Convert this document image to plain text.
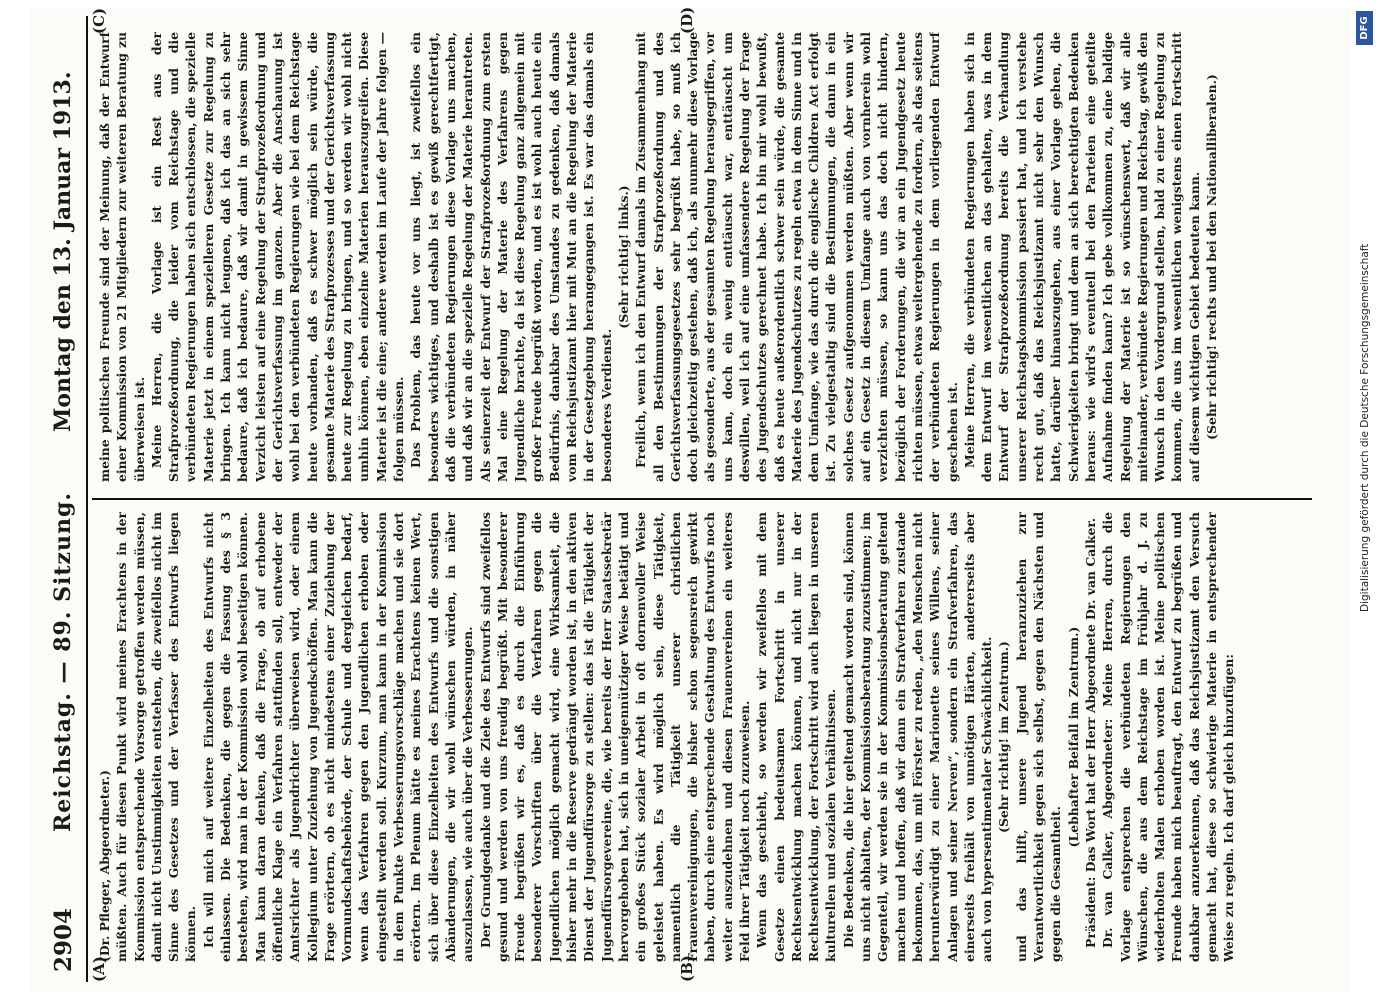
2904
Reichstag. — 89. Sitzung.
Montag den 13. Januar 1913.
(A)	(B)
(C)	(D)

(Dr. Pfleger, Abgeordneter.) müßten. Auch für diesen Punkt wird meines Erachtens in der Kommission entsprechende Vorsorge getroffen werden müssen, damit nicht Unstimmigkeiten entstehen, die zweifellos nicht im Sinne des Gesetzes und der Verfasser des Entwurfs liegen können. Ich will mich auf weitere Einzelheiten des Entwurfs nicht einlassen. Die Bedenken, die gegen die Fassung des § 3 bestehen, wird man in der Kommission wohl beseitigen können. Man kann daran denken, daß die Frage, ob auf erhobene öffentliche Klage ein Verfahren stattfinden soll, entweder der Amtsrichter als Jugendrichter überweisen wird, oder einem Kollegium unter Zuziehung von Jugendschöffen. Man kann die Frage erörtern, ob es nicht mindestens einer Zuziehung der Vormundschaftsbehörde, der Schule und dergleichen bedarf, wenn das Verfahren gegen den Jugendlichen erhoben oder eingestellt werden soll. Kurzum, man kann in der Kommission in dem Punkte Verbesserungsvorschläge machen und sie dort erörtern. Im Plenum hätte es meines Erachtens keinen Wert, sich über diese Einzelheiten des Entwurfs und die sonstigen Abänderungen, die wir wohl wünschen würden, in näher auszulassen, wie auch über die Verbesserungen. Der Grundgedanke und die Ziele des Entwurfs sind zweifellos gesund und werden von uns freudig begrüßt. Mit besonderer Freude begrüßen wir es, daß es durch die Einführung besonderer Vorschriften über die Verfahren gegen die Jugendlichen möglich gemacht wird, eine Wirksamkeit, die bisher mehr in die Reserve gedrängt worden ist, in den aktiven Dienst der Jugendfürsorge zu stellen: das ist die Tätigkeit der Jugendfürsorgevereine, die, wie bereits der Herr Staatssekretär hervorgehoben hat, sich in uneigennütziger Weise betätigt und ein großes Stück sozialer Arbeit in oft dornenvoller Weise geleistet haben. Es wird möglich sein, diese Tätigkeit, namentlich die Tätigkeit unserer christlichen Frauenvereinigungen, die bisher schon segensreich gewirkt haben, durch eine entsprechende Gestaltung des Entwurfs noch weiter auszudehnen und diesen Frauenvereinen ein weiteres Feld ihrer Tätigkeit noch zuzuweisen. Wenn das geschieht, so werden wir zweifellos mit dem Gesetze einen bedeutsamen Fortschritt in unserer Rechtsentwicklung machen können, und nicht nur in der Rechtsentwicklung, der Fortschritt wird auch liegen in unseren kulturellen und sozialen Verhältnissen. Die Bedenken, die hier geltend gemacht worden sind, können uns nicht abhalten, der Kommissionsberatung zuzustimmen; im Gegenteil, wir werden sie in der Kommissionsberatung geltend machen und hoffen, daß wir dann ein Strafverfahren zustande bekommen, das, um mit Förster zu reden, „den Menschen nicht herunterwürdigt zu einer Marionette seines Willens, seiner Anlagen und seiner Nerven“, sondern ein Strafverfahren, das einerseits freihält von unnötigen Härten, andererseits aber auch von hypersentimentaler Schwächlichkeit. (Sehr richtig! im Zentrum.) und das hilft, unsere Jugend heranzuziehen zur Verantwortlichkeit gegen sich selbst, gegen den Nächsten und gegen die Gesamtheit.

(Lebhafter Beifall im Zentrum.) Präsident: Das Wort hat der Herr Abgeordnete Dr. van Calker. Dr. van Calker, Abgeordneter: Meine Herren, durch die Vorlage entsprechen die verbündeten Regierungen den Wünschen, die aus dem Reichstage im Frühjahr d. J. zu wiederholten Malen erhoben worden ist. Meine politischen Freunde haben mich beauftragt, den Entwurf zu begrüßen und dankbar anzuerkennen, daß das Reichsjustizamt den Versuch gemacht hat, diese so schwierige Materie in entsprechender Weise zu regeln. Ich darf gleich hinzufügen:

meine politischen Freunde sind der Meinung, daß der Entwurf einer Kommission von 21 Mitgliedern zur weiteren Beratung zu überweisen ist. Meine Herren, die Vorlage ist ein Rest aus der Strafprozeßordnung, die leider vom Reichstage und die verbündeten Regierungen haben sich entschlossen, die spezielle Materie jetzt in einem spezielleren Gesetze zur Regelung zu bringen. Ich kann nicht leugnen, daß ich das an sich sehr bedaure, daß ich bedaure, daß wir damit in gewissem Sinne Verzicht leisten auf eine Regelung der Strafprozeßordnung und der Gerichtsverfassung im ganzen. Aber die Anschauung ist wohl bei den verbündeten Regierungen wie bei dem Reichstage heute vorhanden, daß es schwer möglich sein würde, die gesamte Materie des Strafprozesses und der Gerichtsverfassung heute zur Regelung zu bringen, und so werden wir wohl nicht umhin können, eben einzelne Materien herauszugreifen. Diese Materie ist die eine; andere werden im Laufe der Jahre folgen — folgen müssen. Das Problem, das heute vor uns liegt, ist zweifellos ein besonders wichtiges, und deshalb ist es gewiß gerechtfertigt, daß die verbündeten Regierungen diese Vorlage uns machen, und daß wir an die spezielle Regelung der Materie herantreten. Als seinerzeit der Entwurf der Strafprozeßordnung zum ersten Mal eine Regelung der Materie des Verfahrens gegen Jugendliche brachte, da ist diese Regelung ganz allgemein mit großer Freude begrüßt worden, und es ist wohl auch heute ein Bedürfnis, dankbar des Umstandes zu gedenken, daß damals vom Reichsjustizamt hier mit Mut an die Regelung der Materie in der Gesetzgebung herangegangen ist. Es war das damals ein besonderes Verdienst.

(Sehr richtig! links.) Freilich, wenn ich den Entwurf damals im Zusammenhang mit all den Bestimmungen der Strafprozeßordnung und des Gerichtsverfassungsgesetzes sehr begrüßt habe, so muß ich doch gleichzeitig gestehen, daß ich, als nunmehr diese Vorlage als gesonderte, aus der gesamten Regelung herausgegriffen, vor uns kam, doch ein wenig enttäuscht war, enttäuscht um deswillen, weil ich auf eine umfassendere Regelung der Frage des Jugendschutzes gerechnet habe. Ich bin mir wohl bewußt, daß es heute außerordentlich schwer sein würde, die gesamte Materie des Jugendschutzes zu regeln etwa in dem Sinne und in dem Umfange, wie das durch die englische Children Act erfolgt ist. Zu vielgestaltig sind die Bestimmungen, die dann in ein solches Gesetz aufgenommen werden müßten. Aber wenn wir auf ein Gesetz in diesem Umfange auch von vornherein wohl verzichten müssen, so kann uns das doch nicht hindern, bezüglich der Forderungen, die wir an ein Jugendgesetz heute richten müssen, etwas weitergehende zu fordern, als das seitens der verbündeten Regierungen in dem vorliegenden Entwurf geschehen ist. Meine Herren, die verbündeten Regierungen haben sich in dem Entwurf im wesentlichen an das gehalten, was in dem Entwurf der Strafprozeßordnung bereits die Verhandlung unserer Reichstagskommission passiert hat, und ich verstehe recht gut, daß das Reichsjustizamt nicht sehr den Wunsch hatte, darüber hinauszugehen, aus einer Vorlage gehen, die Schwierigkeiten bringt und dem an sich berechtigten Bedenken heraus: wie wird's eventuell bei den Parteien eine geteilte Aufnahme finden kann? Ich gebe vollkommen zu, eine baldige Regelung der Materie ist so wünschenswert, daß wir alle miteinander, verbündete Regierungen und Reichstag, gewiß den Wunsch in den Vordergrund stellen, bald zu einer Regelung zu kommen, die uns im wesentlichen wenigstens einen Fortschritt auf diesem wichtigen Gebiet bedeuten kann. (Sehr richtig! rechts und bei den Nationalliberalen.)	Digitalisierung gefördert durch die Deutsche Forschungsgemeinschaft
DFG
